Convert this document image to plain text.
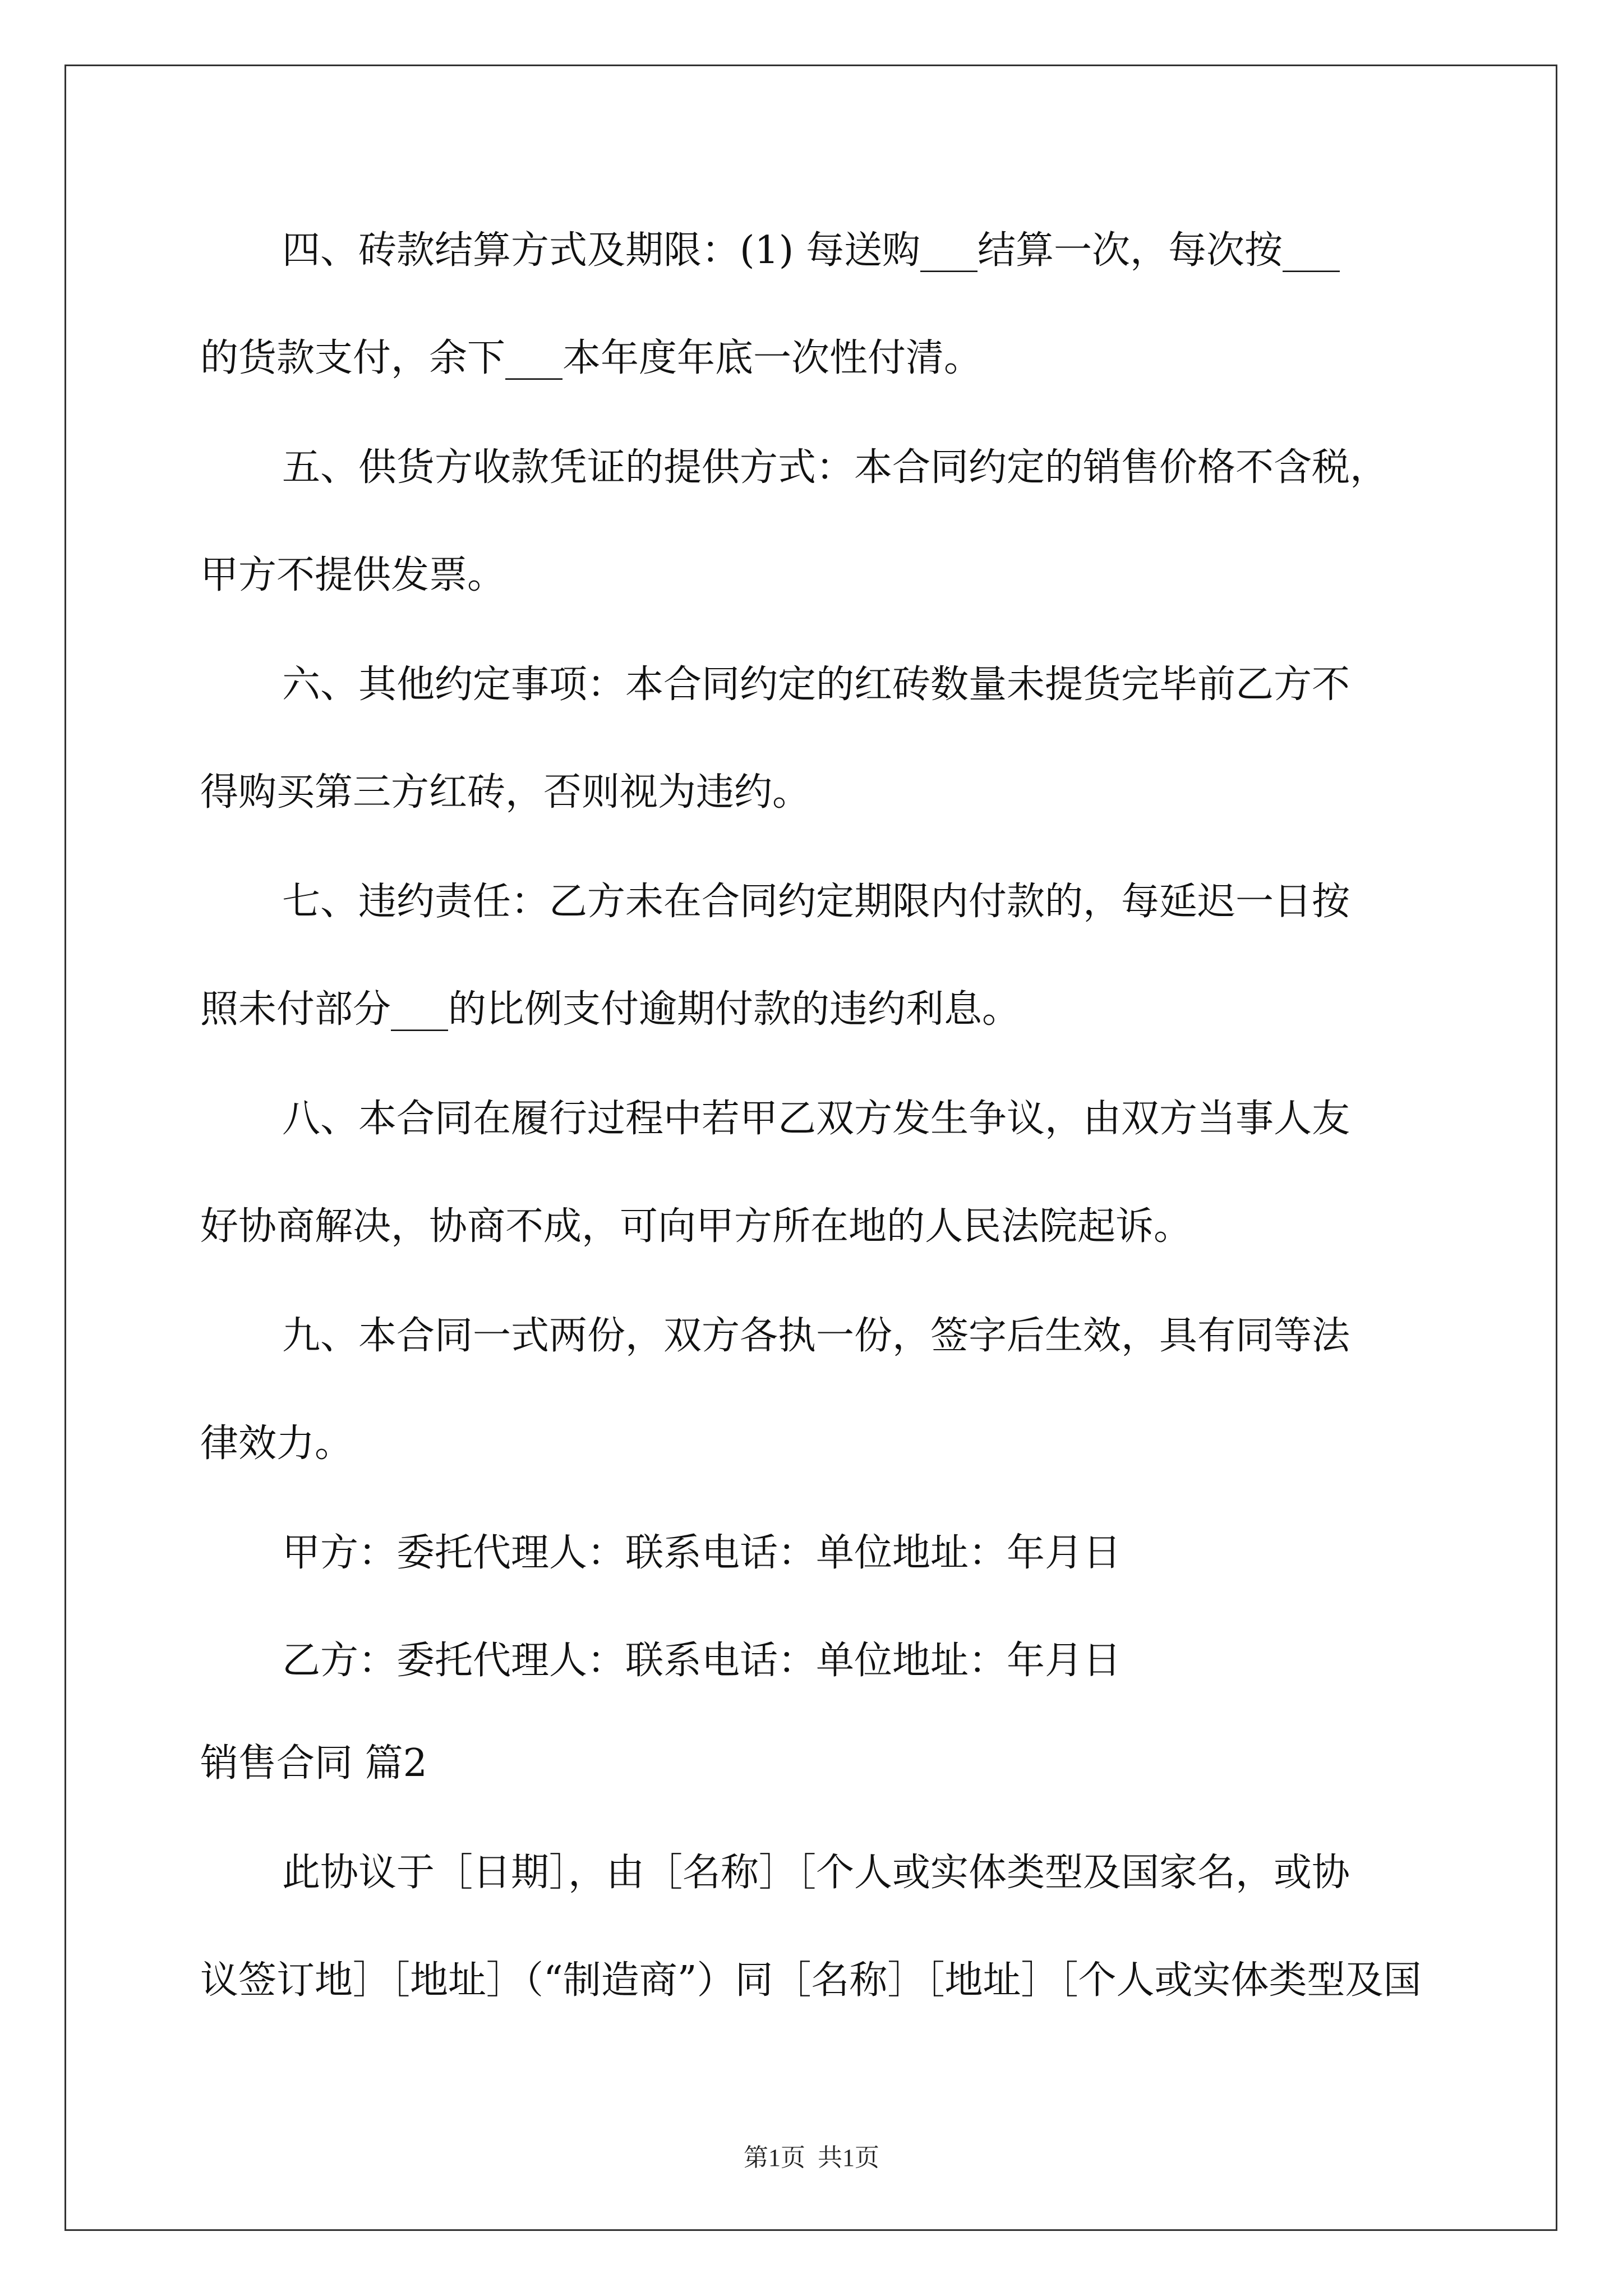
四、砖款结算方式及期限：(1) 每送购___结算一次，每次按___

的货款支付，余下___本年度年底一次性付清。

五、供货方收款凭证的提供方式：本合同约定的销售价格不含税，

甲方不提供发票。

六、其他约定事项：本合同约定的红砖数量未提货完毕前乙方不

得购买第三方红砖，否则视为违约。

七、违约责任：乙方未在合同约定期限内付款的，每延迟一日按

照未付部分___的比例支付逾期付款的违约利息。

八、本合同在履行过程中若甲乙双方发生争议，由双方当事人友

好协商解决，协商不成，可向甲方所在地的人民法院起诉。

九、本合同一式两份，双方各执一份，签字后生效，具有同等法

律效力。

甲方：委托代理人：联系电话：单位地址：年月日

乙方：委托代理人：联系电话：单位地址：年月日

销售合同 篇2

此协议于［日期］，由［名称］［个人或实体类型及国家名，或协

议签订地］［地址］（“制造商”）同［名称］［地址］［个人或实体类型及国

第1页  共1页
